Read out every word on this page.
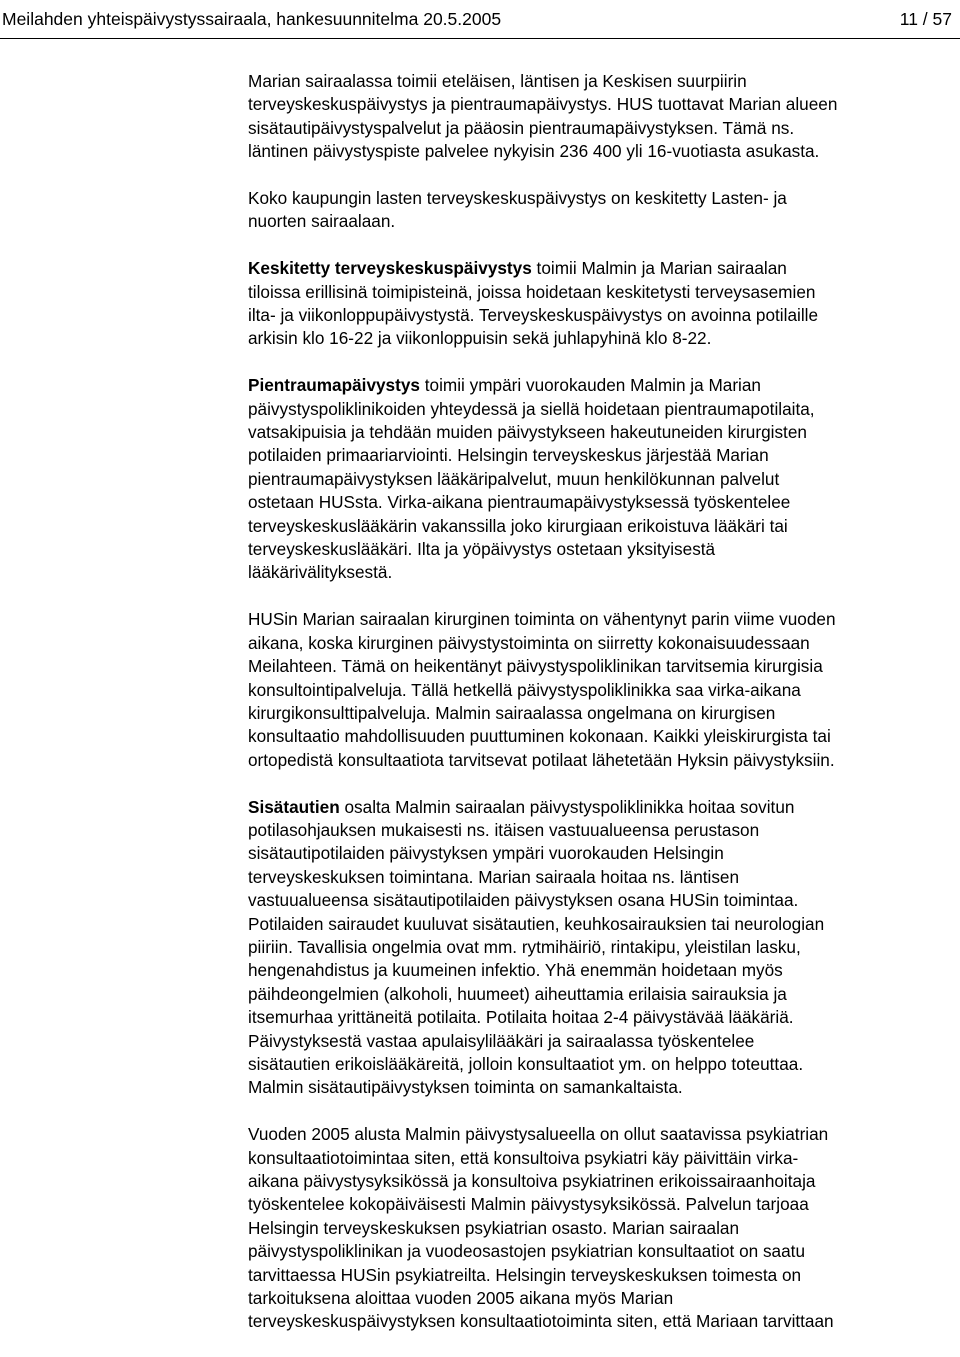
Meilahden yhteispäivystyssairaala, hankesuunnitelma 20.5.2005	11 / 57

Marian sairaalassa toimii eteläisen, läntisen ja Keskisen suurpiirin
terveyskeskuspäivystys ja pientraumapäivystys. HUS tuottavat Marian alueen
sisätautipäivystyspalvelut ja pääosin pientraumapäivystyksen. Tämä ns.
läntinen päivystyspiste palvelee nykyisin 236 400 yli 16-vuotiasta asukasta.

Koko kaupungin lasten terveyskeskuspäivystys on keskitetty Lasten- ja
nuorten sairaalaan.

Keskitetty terveyskeskuspäivystys toimii Malmin ja Marian sairaalan
tiloissa erillisinä toimipisteinä, joissa hoidetaan keskitetysti terveysasemien
ilta- ja viikonloppupäivystystä. Terveyskeskuspäivystys on avoinna potilaille
arkisin klo 16-22 ja viikonloppuisin sekä juhlapyhinä klo 8-22.

Pientraumapäivystys toimii ympäri vuorokauden Malmin ja Marian
päivystyspoliklinikoiden yhteydessä ja siellä hoidetaan pientraumapotilaita,
vatsakipuisia ja tehdään muiden päivystykseen hakeutuneiden kirurgisten
potilaiden primaariarviointi. Helsingin terveyskeskus järjestää Marian
pientraumapäivystyksen lääkäripalvelut, muun henkilökunnan palvelut
ostetaan HUSsta. Virka-aikana pientraumapäivystyksessä työskentelee
terveyskeskuslääkärin vakanssilla joko kirurgiaan erikoistuva lääkäri tai
terveyskeskuslääkäri. Ilta ja yöpäivystys ostetaan yksityisestä
lääkärivälityksestä.

HUSin Marian sairaalan kirurginen toiminta on vähentynyt parin viime vuoden
aikana, koska kirurginen päivystystoiminta on siirretty kokonaisuudessaan
Meilahteen. Tämä on heikentänyt päivystyspoliklinikan tarvitsemia kirurgisia
konsultointipalveluja. Tällä hetkellä päivystyspoliklinikka saa virka-aikana
kirurgikonsulttipalveluja. Malmin sairaalassa ongelmana on kirurgisen
konsultaatio mahdollisuuden puuttuminen kokonaan. Kaikki yleiskirurgista tai
ortopedistä konsultaatiota tarvitsevat potilaat lähetetään Hyksin päivystyksiin.

Sisätautien osalta Malmin sairaalan päivystyspoliklinikka hoitaa sovitun
potilasohjauksen mukaisesti ns. itäisen vastuualueensa perustason
sisätautipotilaiden päivystyksen ympäri vuorokauden Helsingin
terveyskeskuksen toimintana. Marian sairaala hoitaa ns. läntisen
vastuualueensa sisätautipotilaiden päivystyksen osana HUSin toimintaa.
Potilaiden sairaudet kuuluvat sisätautien, keuhkosairauksien tai neurologian
piiriin. Tavallisia ongelmia ovat mm. rytmihäiriö, rintakipu, yleistilan lasku,
hengenahdistus ja kuumeinen infektio. Yhä enemmän hoidetaan myös
päihdeongelmien (alkoholi, huumeet) aiheuttamia erilaisia sairauksia ja
itsemurhaa yrittäneitä potilaita. Potilaita hoitaa 2-4 päivystävää lääkäriä.
Päivystyksestä vastaa apulaisylilääkäri ja sairaalassa työskentelee
sisätautien erikoislääkäreitä, jolloin konsultaatiot ym. on helppo toteuttaa.
Malmin sisätautipäivystyksen toiminta on samankaltaista.

Vuoden 2005 alusta Malmin päivystysalueella on ollut saatavissa psykiatrian
konsultaatiotoimintaa siten, että konsultoiva psykiatri käy päivittäin virka-
aikana päivystysyksikössä ja konsultoiva psykiatrinen erikoissairaanhoitaja
työskentelee kokopäiväisesti Malmin päivystysyksikössä. Palvelun tarjoaa
Helsingin terveyskeskuksen psykiatrian osasto. Marian sairaalan
päivystyspoliklinikan ja vuodeosastojen psykiatrian konsultaatiot on saatu
tarvittaessa HUSin psykiatreilta. Helsingin terveyskeskuksen toimesta on
tarkoituksena aloittaa vuoden 2005 aikana myös Marian
terveyskeskuspäivystyksen konsultaatiotoiminta siten, että Mariaan tarvittaan
